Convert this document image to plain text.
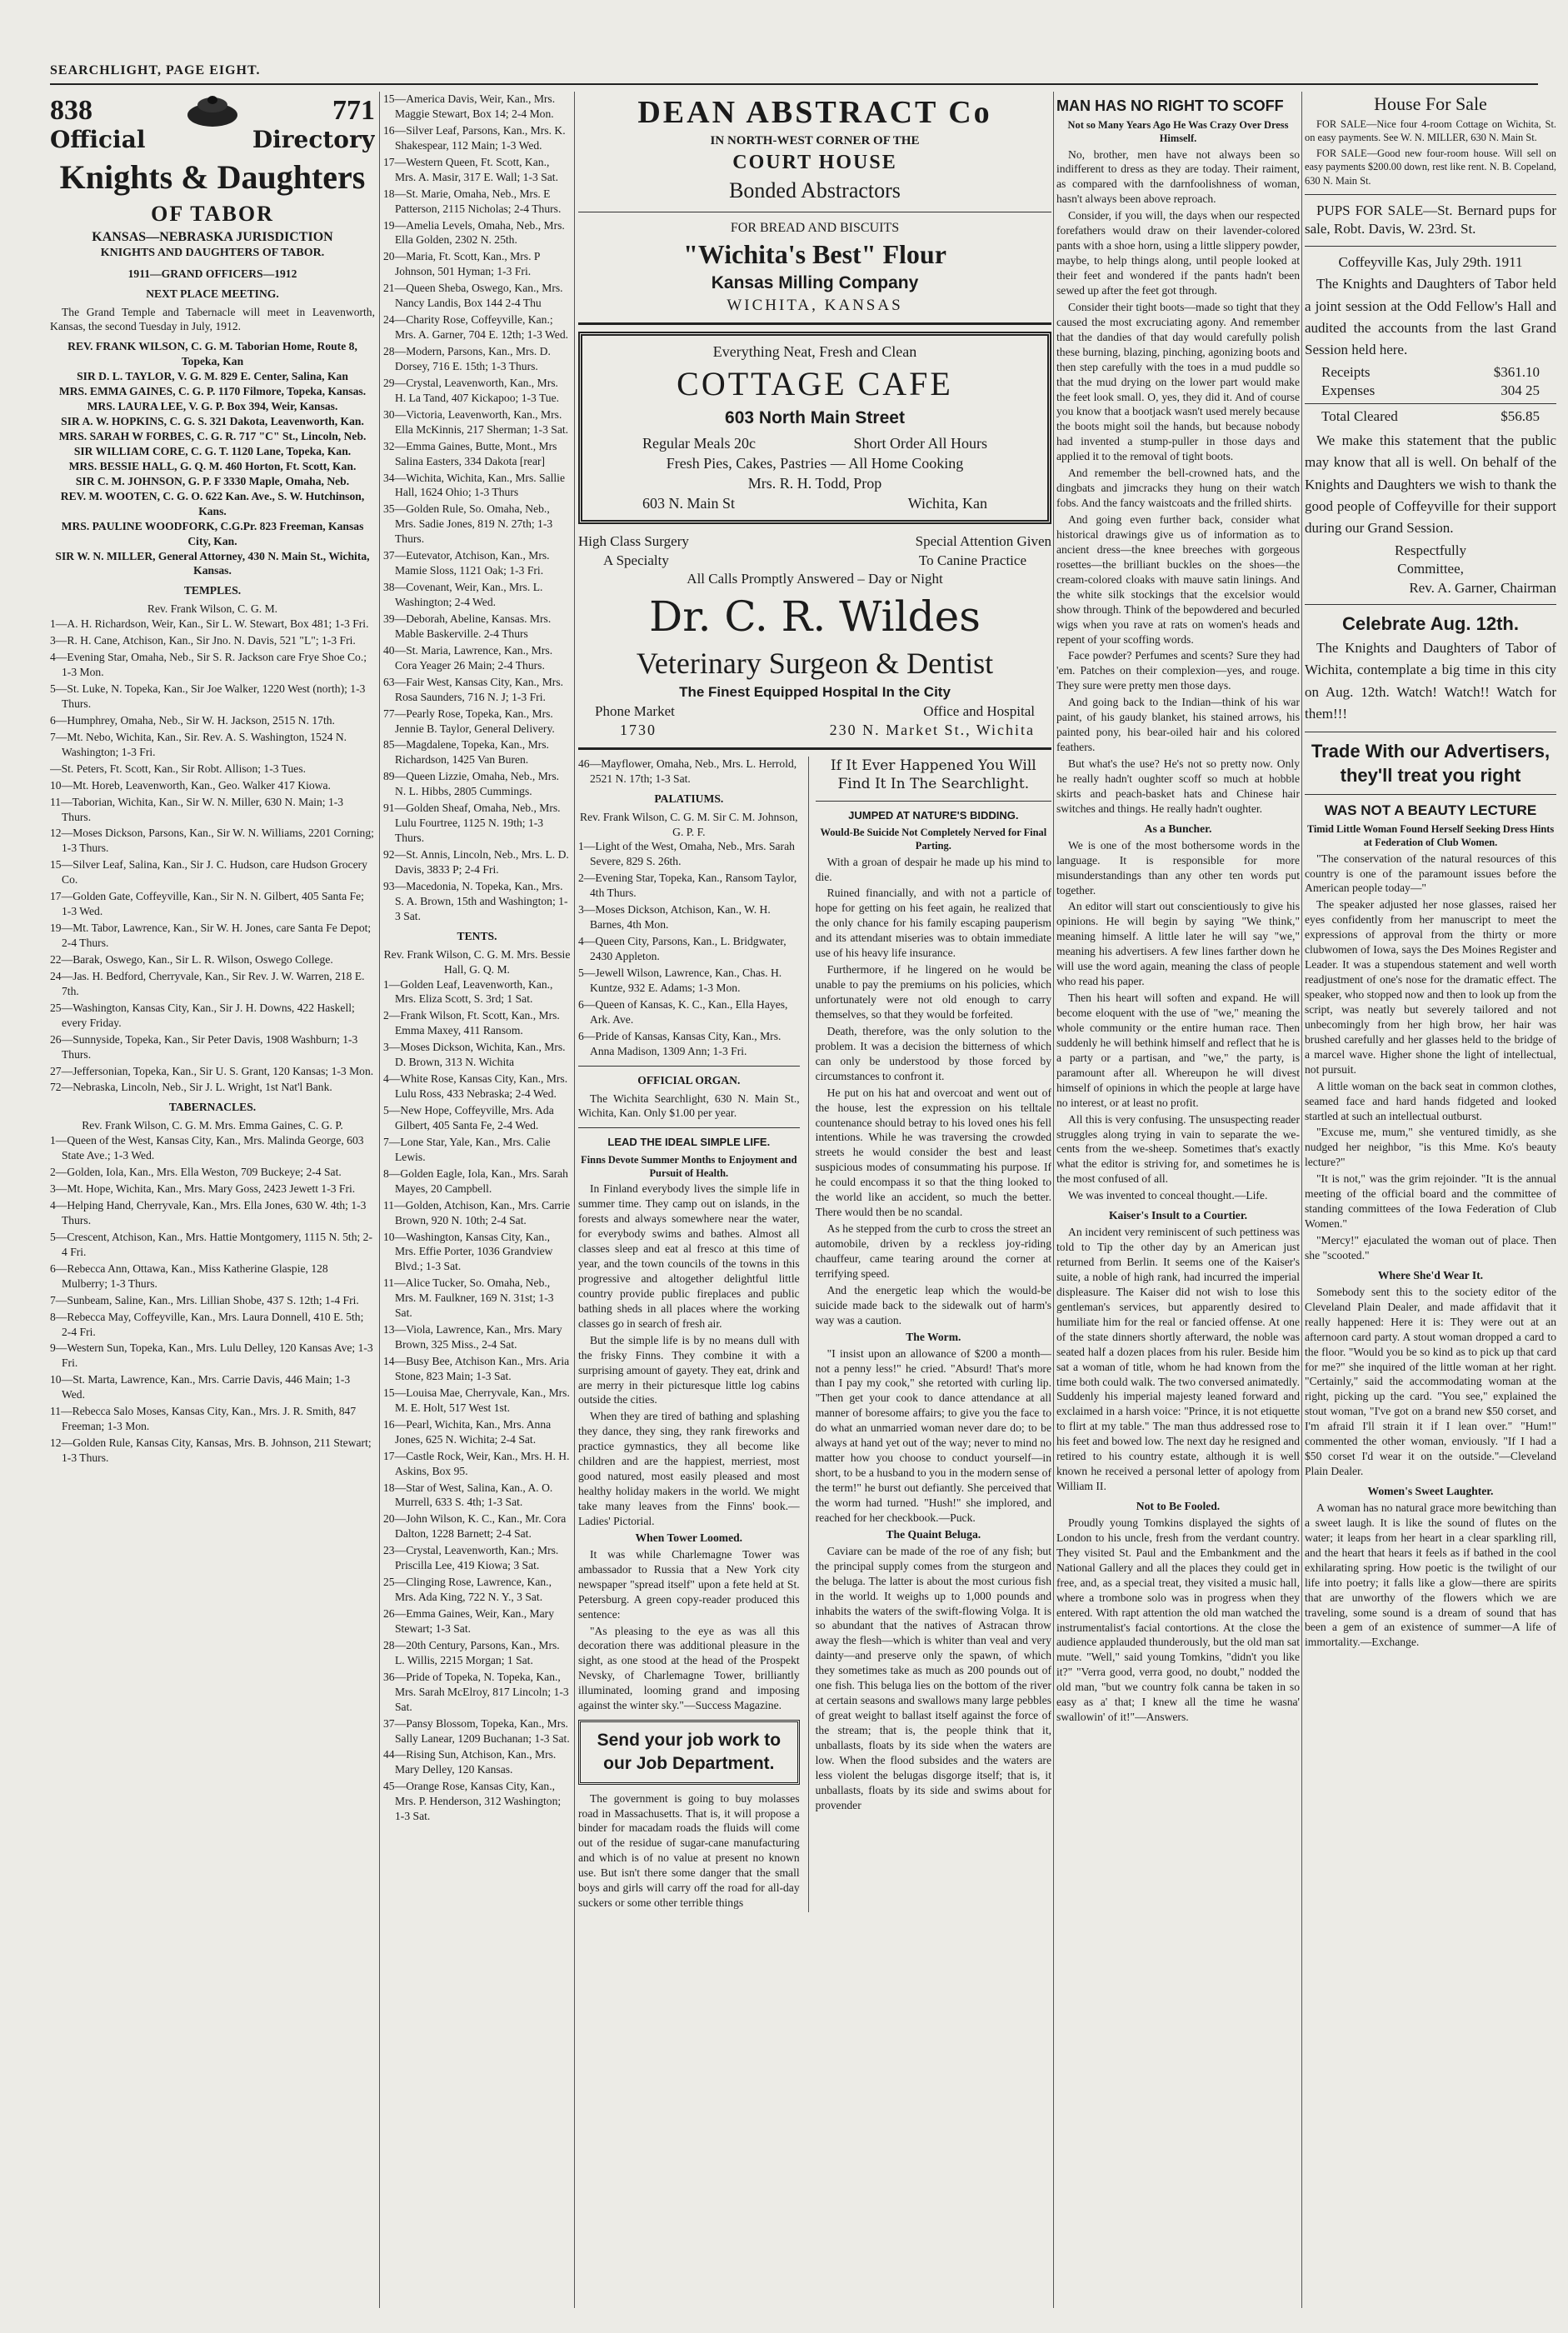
SEARCHLIGHT, PAGE EIGHT.
838	771
Official	Directory
Knights & Daughters
OF TABOR
KANSAS—NEBRASKA JURISDICTION
KNIGHTS AND DAUGHTERS OF TABOR.
1911—GRAND OFFICERS—1912
NEXT PLACE MEETING.

The Grand Temple and Tabernacle will meet in Leavenworth, Kansas, the second Tuesday in July, 1912.

REV. FRANK WILSON, C. G. M. Taborian Home, Route 8, Topeka, Kan
SIR D. L. TAYLOR, V. G. M. 829 E. Center, Salina, Kan
MRS. EMMA GAINES, C. G. P. 1170 Filmore, Topeka, Kansas.
MRS. LAURA LEE, V. G. P. Box 394, Weir, Kansas.
SIR A. W. HOPKINS, C. G. S. 321 Dakota, Leavenworth, Kan.
MRS. SARAH W FORBES, C. G. R. 717 "C" St., Lincoln, Neb.
SIR WILLIAM CORE, C. G. T. 1120 Lane, Topeka, Kan.
MRS. BESSIE HALL, G. Q. M. 460 Horton, Ft. Scott, Kan.
SIR C. M. JOHNSON, G. P. F 3330 Maple, Omaha, Neb.
REV. M. WOOTEN, C. G. O. 622 Kan. Ave., S. W. Hutchinson, Kans.
MRS. PAULINE WOODFORK, C.G.Pr. 823 Freeman, Kansas City, Kan.
SIR W. N. MILLER, General Attorney, 430 N. Main St., Wichita, Kansas.
TEMPLES.
Rev. Frank Wilson, C. G. M.
1—A. H. Richardson, Weir, Kan., Sir L. W. Stewart, Box 481; 1-3 Fri.
3—R. H. Cane, Atchison, Kan., Sir Jno. N. Davis, 521 "L"; 1-3 Fri.
4—Evening Star, Omaha, Neb., Sir S. R. Jackson care Frye Shoe Co.; 1-3 Mon.
5—St. Luke, N. Topeka, Kan., Sir Joe Walker, 1220 West (north); 1-3 Thurs.
6—Humphrey, Omaha, Neb., Sir W. H. Jackson, 2515 N. 17th.
7—Mt. Nebo, Wichita, Kan., Sir. Rev. A. S. Washington, 1524 N. Washington; 1-3 Fri.
—St. Peters, Ft. Scott, Kan., Sir Robt. Allison; 1-3 Tues.
10—Mt. Horeb, Leavenworth, Kan., Geo. Walker 417 Kiowa.
11—Taborian, Wichita, Kan., Sir W. N. Miller, 630 N. Main; 1-3 Thurs.
12—Moses Dickson, Parsons, Kan., Sir W. N. Williams, 2201 Corning; 1-3 Thurs.
15—Silver Leaf, Salina, Kan., Sir J. C. Hudson, care Hudson Grocery Co.
17—Golden Gate, Coffeyville, Kan., Sir N. N. Gilbert, 405 Santa Fe; 1-3 Wed.
19—Mt. Tabor, Lawrence, Kan., Sir W. H. Jones, care Santa Fe Depot; 2-4 Thurs.
22—Barak, Oswego, Kan., Sir L. R. Wilson, Oswego College.
24—Jas. H. Bedford, Cherryvale, Kan., Sir Rev. J. W. Warren, 218 E. 7th.
25—Washington, Kansas City, Kan., Sir J. H. Downs, 422 Haskell; every Friday.
26—Sunnyside, Topeka, Kan., Sir Peter Davis, 1908 Washburn; 1-3 Thurs.
27—Jeffersonian, Topeka, Kan., Sir U. S. Grant, 120 Kansas; 1-3 Mon.
72—Nebraska, Lincoln, Neb., Sir J. L. Wright, 1st Nat'l Bank.
TABERNACLES.
Rev. Frank Wilson, C. G. M. Mrs. Emma Gaines, C. G. P.
1—Queen of the West, Kansas City, Kan., Mrs. Malinda George, 603 State Ave.; 1-3 Wed.
2—Golden, Iola, Kan., Mrs. Ella Weston, 709 Buckeye; 2-4 Sat.
3—Mt. Hope, Wichita, Kan., Mrs. Mary Goss, 2423 Jewett 1-3 Fri.
4—Helping Hand, Cherryvale, Kan., Mrs. Ella Jones, 630 W. 4th; 1-3 Thurs.
5—Crescent, Atchison, Kan., Mrs. Hattie Montgomery, 1115 N. 5th; 2-4 Fri.
6—Rebecca Ann, Ottawa, Kan., Miss Katherine Glaspie, 128 Mulberry; 1-3 Thurs.
7—Sunbeam, Saline, Kan., Mrs. Lillian Shobe, 437 S. 12th; 1-4 Fri.
8—Rebecca May, Coffeyville, Kan., Mrs. Laura Donnell, 410 E. 5th; 2-4 Fri.
9—Western Sun, Topeka, Kan., Mrs. Lulu Delley, 120 Kansas Ave; 1-3 Fri.
10—St. Marta, Lawrence, Kan., Mrs. Carrie Davis, 446 Main; 1-3 Wed.
11—Rebecca Salo Moses, Kansas City, Kan., Mrs. J. R. Smith, 847 Freeman; 1-3 Mon.
12—Golden Rule, Kansas City, Kansas, Mrs. B. Johnson, 211 Stewart; 1-3 Thurs.
15—America Davis, Weir, Kan., Mrs. Maggie Stewart, Box 14; 2-4 Mon.
16—Silver Leaf, Parsons, Kan., Mrs. K. Shakespear, 112 Main; 1-3 Wed.
17—Western Queen, Ft. Scott, Kan., Mrs. A. Masir, 317 E. Wall; 1-3 Sat.
18—St. Marie, Omaha, Neb., Mrs. E Patterson, 2115 Nicholas; 2-4 Thurs.
19—Amelia Levels, Omaha, Neb., Mrs. Ella Golden, 2302 N. 25th.
20—Maria, Ft. Scott, Kan., Mrs. P Johnson, 501 Hyman; 1-3 Fri.
21—Queen Sheba, Oswego, Kan., Mrs. Nancy Landis, Box 144 2-4 Thu
24—Charity Rose, Coffeyville, Kan.; Mrs. A. Garner, 704 E. 12th; 1-3 Wed.
28—Modern, Parsons, Kan., Mrs. D. Dorsey, 716 E. 15th; 1-3 Thurs.
29—Crystal, Leavenworth, Kan., Mrs. H. La Tand, 407 Kickapoo; 1-3 Tue.
30—Victoria, Leavenworth, Kan., Mrs. Ella McKinnis, 217 Sherman; 1-3 Sat.
32—Emma Gaines, Butte, Mont., Mrs Salina Easters, 334 Dakota [rear]
34—Wichita, Wichita, Kan., Mrs. Sallie Hall, 1624 Ohio; 1-3 Thurs
35—Golden Rule, So. Omaha, Neb., Mrs. Sadie Jones, 819 N. 27th; 1-3 Thurs.
37—Eutevator, Atchison, Kan., Mrs. Mamie Sloss, 1121 Oak; 1-3 Fri.
38—Covenant, Weir, Kan., Mrs. L. Washington; 2-4 Wed.
39—Deborah, Abeline, Kansas. Mrs. Mable Baskerville. 2-4 Thurs
40—St. Maria, Lawrence, Kan., Mrs. Cora Yeager 26 Main; 2-4 Thurs.
63—Fair West, Kansas City, Kan., Mrs. Rosa Saunders, 716 N. J; 1-3 Fri.
77—Pearly Rose, Topeka, Kan., Mrs. Jennie B. Taylor, General Delivery.
85—Magdalene, Topeka, Kan., Mrs. Richardson, 1425 Van Buren.
89—Queen Lizzie, Omaha, Neb., Mrs. N. L. Hibbs, 2805 Cummings.
91—Golden Sheaf, Omaha, Neb., Mrs. Lulu Fourtree, 1125 N. 19th; 1-3 Thurs.
92—St. Annis, Lincoln, Neb., Mrs. L. D. Davis, 3833 P; 2-4 Fri.
93—Macedonia, N. Topeka, Kan., Mrs. S. A. Brown, 15th and Washington; 1-3 Sat.
TENTS.
Rev. Frank Wilson, C. G. M. Mrs. Bessie Hall, G. Q. M.
1—Golden Leaf, Leavenworth, Kan., Mrs. Eliza Scott, S. 3rd; 1 Sat.
2—Frank Wilson, Ft. Scott, Kan., Mrs. Emma Maxey, 411 Ransom.
3—Moses Dickson, Wichita, Kan., Mrs. D. Brown, 313 N. Wichita
4—White Rose, Kansas City, Kan., Mrs. Lulu Ross, 433 Nebraska; 2-4 Wed.
5—New Hope, Coffeyville, Mrs. Ada Gilbert, 405 Santa Fe, 2-4 Wed.
7—Lone Star, Yale, Kan., Mrs. Calie Lewis.
8—Golden Eagle, Iola, Kan., Mrs. Sarah Mayes, 20 Campbell.
11—Golden, Atchison, Kan., Mrs. Carrie Brown, 920 N. 10th; 2-4 Sat.
10—Washington, Kansas City, Kan., Mrs. Effie Porter, 1036 Grandview Blvd.; 1-3 Sat.
11—Alice Tucker, So. Omaha, Neb., Mrs. M. Faulkner, 169 N. 31st; 1-3 Sat.
13—Viola, Lawrence, Kan., Mrs. Mary Brown, 325 Miss., 2-4 Sat.
14—Busy Bee, Atchison Kan., Mrs. Aria Stone, 823 Main; 1-3 Sat.
15—Louisa Mae, Cherryvale, Kan., Mrs. M. E. Holt, 517 West 1st.
16—Pearl, Wichita, Kan., Mrs. Anna Jones, 625 N. Wichita; 2-4 Sat.
17—Castle Rock, Weir, Kan., Mrs. H. H. Askins, Box 95.
18—Star of West, Salina, Kan., A. O. Murrell, 633 S. 4th; 1-3 Sat.
20—John Wilson, K. C., Kan., Mr. Cora Dalton, 1228 Barnett; 2-4 Sat.
23—Crystal, Leavenworth, Kan.; Mrs. Priscilla Lee, 419 Kiowa; 3 Sat.
25—Clinging Rose, Lawrence, Kan., Mrs. Ada King, 722 N. Y., 3 Sat.
26—Emma Gaines, Weir, Kan., Mary Stewart; 1-3 Sat.
28—20th Century, Parsons, Kan., Mrs. L. Willis, 2215 Morgan; 1 Sat.
36—Pride of Topeka, N. Topeka, Kan., Mrs. Sarah McElroy, 817 Lincoln; 1-3 Sat.
37—Pansy Blossom, Topeka, Kan., Mrs. Sally Lanear, 1209 Buchanan; 1-3 Sat.
44—Rising Sun, Atchison, Kan., Mrs. Mary Delley, 120 Kansas.
45—Orange Rose, Kansas City, Kan., Mrs. P. Henderson, 312 Washington; 1-3 Sat.
DEAN ABSTRACT Co
IN NORTH-WEST CORNER OF THE
COURT HOUSE
Bonded Abstractors
FOR BREAD AND BISCUITS
"Wichita's Best" Flour
Kansas Milling Company
WICHITA, KANSAS
Everything Neat, Fresh and Clean
COTTAGE CAFE
603 North Main Street
Regular Meals 20c	Short Order All Hours
Fresh Pies, Cakes, Pastries — All Home Cooking
Mrs. R. H. Todd, Prop
603 N. Main St	Wichita, Kan
High Class Surgery	Special Attention Given
A Specialty	To Canine Practice
All Calls Promptly Answered – Day or Night
Dr. C. R. Wildes
Veterinary Surgeon & Dentist
The Finest Equipped Hospital In the City
Phone Market	Office and Hospital
1730	230 N. Market St., Wichita
46—Mayflower, Omaha, Neb., Mrs. L. Herrold, 2521 N. 17th; 1-3 Sat.
PALATIUMS.
Rev. Frank Wilson, C. G. M. Sir C. M. Johnson, G. P. F.
1—Light of the West, Omaha, Neb., Mrs. Sarah Severe, 829 S. 26th.
2—Evening Star, Topeka, Kan., Ransom Taylor, 4th Thurs.
3—Moses Dickson, Atchison, Kan., W. H. Barnes, 4th Mon.
4—Queen City, Parsons, Kan., L. Bridgwater, 2430 Appleton.
5—Jewell Wilson, Lawrence, Kan., Chas. H. Kuntze, 932 E. Adams; 1-3 Mon.
6—Queen of Kansas, K. C., Kan., Ella Hayes, Ark. Ave.
6—Pride of Kansas, Kansas City, Kan., Mrs. Anna Madison, 1309 Ann; 1-3 Fri.
OFFICIAL ORGAN.

The Wichita Searchlight, 630 N. Main St., Wichita, Kan. Only $1.00 per year.

LEAD THE IDEAL SIMPLE LIFE.
Finns Devote Summer Months to Enjoyment and Pursuit of Health.

In Finland everybody lives the simple life in summer time. They camp out on islands, in the forests and always somewhere near the water, for everybody swims and bathes. Almost all classes sleep and eat al fresco at this time of year, and the town councils of the towns in this progressive and altogether delightful little country provide public fireplaces and public bathing sheds in all places where the working classes go in search of fresh air.

But the simple life is by no means dull with the frisky Finns. They combine it with a surprising amount of gayety. They eat, drink and are merry in their picturesque little log cabins outside the cities.

When they are tired of bathing and splashing they dance, they sing, they rank fireworks and practice gymnastics, they all become like children and are the happiest, merriest, most good natured, most easily pleased and most healthy holiday makers in the world. We might take many leaves from the Finns' book.—Ladies' Pictorial.

When Tower Loomed.

It was while Charlemagne Tower was ambassador to Russia that a New York city newspaper "spread itself" upon a fete held at St. Petersburg. A green copy-reader produced this sentence:

"As pleasing to the eye as was all this decoration there was additional pleasure in the sight, as one stood at the head of the Prospekt Nevsky, of Charlemagne Tower, brilliantly illuminated, looming grand and imposing against the winter sky."—Success Magazine.

Send your job work to our Job Department.

The government is going to buy molasses road in Massachusetts. That is, it will propose a binder for macadam roads the fluids will come out of the residue of sugar-cane manufacturing and which is of no value at present no known use. But isn't there some danger that the small boys and girls will carry off the road for all-day suckers or some other terrible things

If It Ever Happened You Will Find It In The Searchlight.
JUMPED AT NATURE'S BIDDING.
Would-Be Suicide Not Completely Nerved for Final Parting.

With a groan of despair he made up his mind to die.

Ruined financially, and with not a particle of hope for getting on his feet again, he realized that the only chance for his family escaping pauperism and its attendant miseries was to obtain immediate use of his heavy life insurance.

Furthermore, if he lingered on he would be unable to pay the premiums on his policies, which unfortunately were not old enough to carry themselves, so that they would be forfeited.

Death, therefore, was the only solution to the problem. It was a decision the bitterness of which can only be understood by those forced by circumstances to confront it.

He put on his hat and overcoat and went out of the house, lest the expression on his telltale countenance should betray to his loved ones his fell intentions. While he was traversing the crowded streets he would consider the best and least suspicious modes of consummating his purpose. If he could encompass it so that the thing looked to the world like an accident, so much the better. There would then be no scandal.

As he stepped from the curb to cross the street an automobile, driven by a reckless joy-riding chauffeur, came tearing around the corner at terrifying speed.

And the energetic leap which the would-be suicide made back to the sidewalk out of harm's way was a caution.

The Worm.

"I insist upon an allowance of $200 a month—not a penny less!" he cried. "Absurd! That's more than I pay my cook," she retorted with curling lip. "Then get your cook to dance attendance at all manner of boresome affairs; to give you the face to do what an unmarried woman never dare do; to be always at hand yet out of the way; never to mind no matter how you choose to conduct yourself—in short, to be a husband to you in the modern sense of the term!" he burst out defiantly. She perceived that the worm had turned. "Hush!" she implored, and reached for her checkbook.—Puck.

The Quaint Beluga.

Caviare can be made of the roe of any fish; but the principal supply comes from the sturgeon and the beluga. The latter is about the most curious fish in the world. It weighs up to 1,000 pounds and inhabits the waters of the swift-flowing Volga. It is so abundant that the natives of Astracan throw away the flesh—which is whiter than veal and very dainty—and preserve only the spawn, of which they sometimes take as much as 200 pounds out of one fish. This beluga lies on the bottom of the river at certain seasons and swallows many large pebbles of great weight to ballast itself against the force of the stream; that is, the people think that it, unballasts, floats by its side when the waters are low. When the flood subsides and the waters are less violent the belugas disgorge itself; that is, it unballasts, floats by its side and swims about for provender

MAN HAS NO RIGHT TO SCOFF
Not so Many Years Ago He Was Crazy Over Dress Himself.

No, brother, men have not always been so indifferent to dress as they are today. Their raiment, as compared with the darnfoolishness of woman, hasn't always been above reproach.

Consider, if you will, the days when our respected forefathers would draw on their lavender-colored pants with a shoe horn, using a little slippery powder, maybe, to help things along, until people looked at their feet and wondered if the pants hadn't been sewed up after the feet got through.

Consider their tight boots—made so tight that they caused the most excruciating agony. And remember that the dandies of that day would carefully polish these burning, blazing, pinching, agonizing boots and then step carefully with the toes in a mud puddle so that the mud drying on the lower part would make the feet look small. O, yes, they did it. And of course you know that a bootjack wasn't used merely because the boots might soil the hands, but because nobody had invented a stump-puller in those days and applied it to the removal of tight boots.

And remember the bell-crowned hats, and the dingbats and jimcracks they hung on their watch fobs. And the fancy waistcoats and the frilled shirts.

And going even further back, consider what historical drawings give us of information as to ancient dress—the knee breeches with gorgeous rosettes—the brilliant buckles on the shoes—the cream-colored cloaks with mauve satin linings. And the white silk stockings that the excelsior would show through. Think of the bepowdered and becurled wigs when you rave at rats on women's heads and repent of your scoffing words.

Face powder? Perfumes and scents? Sure they had 'em. Patches on their complexion—yes, and rouge. They sure were pretty men those days.

And going back to the Indian—think of his war paint, of his gaudy blanket, his stained arrows, his painted pony, his bear-oiled hair and his colored feathers.

But what's the use? He's not so pretty now. Only he really hadn't oughter scoff so much at hobble skirts and peach-basket hats and Chinese hair switches and things. He really hadn't oughter.

As a Buncher.

We is one of the most bothersome words in the language. It is responsible for more misunderstandings than any other ten words put together.

An editor will start out conscientiously to give his opinions. He will begin by saying "We think," meaning himself. A little later he will say "we," meaning his advertisers. A few lines farther down he will use the word again, meaning the class of people who read his paper.

Then his heart will soften and expand. He will become eloquent with the use of "we," meaning the whole community or the entire human race. Then suddenly he will bethink himself and reflect that he is a party or a partisan, and "we," the party, is paramount after all. Whereupon he will divest himself of opinions in which the people at large have no interest, or at least no profit.

All this is very confusing. The unsuspecting reader struggles along trying in vain to separate the we-cents from the we-sheep. Sometimes that's exactly what the editor is striving for, and sometimes he is the most confused of all.

We was invented to conceal thought.—Life.

Kaiser's Insult to a Courtier.

An incident very reminiscent of such pettiness was told to Tip the other day by an American just returned from Berlin. It seems one of the Kaiser's suite, a noble of high rank, had incurred the imperial displeasure. The Kaiser did not wish to lose this gentleman's services, but apparently desired to humiliate him for the real or fancied offense. At one of the state dinners shortly afterward, the noble was seated half a dozen places from his ruler. Beside him sat a woman of title, whom he had known from the time both could walk. The two conversed animatedly. Suddenly his imperial majesty leaned forward and exclaimed in a harsh voice: "Prince, it is not etiquette to flirt at my table." The man thus addressed rose to his feet and bowed low. The next day he resigned and retired to his country estate, although it is well known he received a personal letter of apology from William II.

Not to Be Fooled.

Proudly young Tomkins displayed the sights of London to his uncle, fresh from the verdant country. They visited St. Paul and the Embankment and the National Gallery and all the places they could get in free, and, as a special treat, they visited a music hall, where a trombone solo was in progress when they entered. With rapt attention the old man watched the instrumentalist's facial contortions. At the close the audience applauded thunderously, but the old man sat mute. "Well," said young Tomkins, "didn't you like it?" "Verra good, verra good, no doubt," nodded the old man, "but we country folk canna be taken in so easy as a' that; I knew all the time he wasna' swallowin' of it!"—Answers.

House For Sale

FOR SALE—Nice four 4-room Cottage on Wichita, St. on easy payments. See W. N. MILLER, 630 N. Main St.

FOR SALE—Good new four-room house. Will sell on easy payments $200.00 down, rest like rent. N. B. Copeland, 630 N. Main St.

PUPS FOR SALE—St. Bernard pups for sale, Robt. Davis, W. 23rd. St.

Coffeyville Kas, July 29th. 1911

The Knights and Daughters of Tabor held a joint session at the Odd Fellow's Hall and audited the accounts from the last Grand Session held here.

Receipts	$361.10
Expenses	304 25
Total Cleared	$56.85

We make this statement that the public may know that all is well. On behalf of the Knights and Daughters we wish to thank the good people of Coffeyville for their support during our Grand Session.

Respectfully
Committee,
Rev. A. Garner, Chairman
Celebrate Aug. 12th.

The Knights and Daughters of Tabor of Wichita, contemplate a big time in this city on Aug. 12th. Watch! Watch!! Watch for them!!!

Trade With our Advertisers, they'll treat you right
WAS NOT A BEAUTY LECTURE
Timid Little Woman Found Herself Seeking Dress Hints at Federation of Club Women.

"The conservation of the natural resources of this country is one of the paramount issues before the American people today—"

The speaker adjusted her nose glasses, raised her eyes confidently from her manuscript to meet the expressions of approval from the thirty or more clubwomen of Iowa, says the Des Moines Register and Leader. It was a stupendous statement and well worth readjustment of one's nose for the dramatic effect. The speaker, who stopped now and then to look up from the script, was neatly but severely tailored and not unbecomingly from her high brow, her hair was brushed carefully and her glasses held to the bridge of a marcel wave. Higher shone the light of intellectual, not pursuit.

A little woman on the back seat in common clothes, seamed face and hard hands fidgeted and looked startled at such an intellectual outburst.

"Excuse me, mum," she ventured timidly, as she nudged her neighbor, "is this Mme. Ko's beauty lecture?"

"It is not," was the grim rejoinder. "It is the annual meeting of the official board and the committee of standing committees of the Iowa Federation of Club Women."

"Mercy!" ejaculated the woman out of place. Then she "scooted."

Where She'd Wear It.

Somebody sent this to the society editor of the Cleveland Plain Dealer, and made affidavit that it really happened: Here it is: They were out at an afternoon card party. A stout woman dropped a card to the floor. "Would you be so kind as to pick up that card for me?" she inquired of the little woman at her right. "Certainly," said the accommodating woman at the right, picking up the card. "You see," explained the stout woman, "I've got on a brand new $50 corset, and I'm afraid I'll strain it if I lean over." "Hum!" commented the other woman, enviously. "If I had a $50 corset I'd wear it on the outside."—Cleveland Plain Dealer.

Women's Sweet Laughter.

A woman has no natural grace more bewitching than a sweet laugh. It is like the sound of flutes on the water; it leaps from her heart in a clear sparkling rill, and the heart that hears it feels as if bathed in the cool exhilarating spring. How poetic is the twilight of our life into poetry; it falls like a glow—there are spirits that are unworthy of the flowers which we are traveling, some sound is a dream of sound that has been a gem of an existence of summer—A life of immortality.—Exchange.
